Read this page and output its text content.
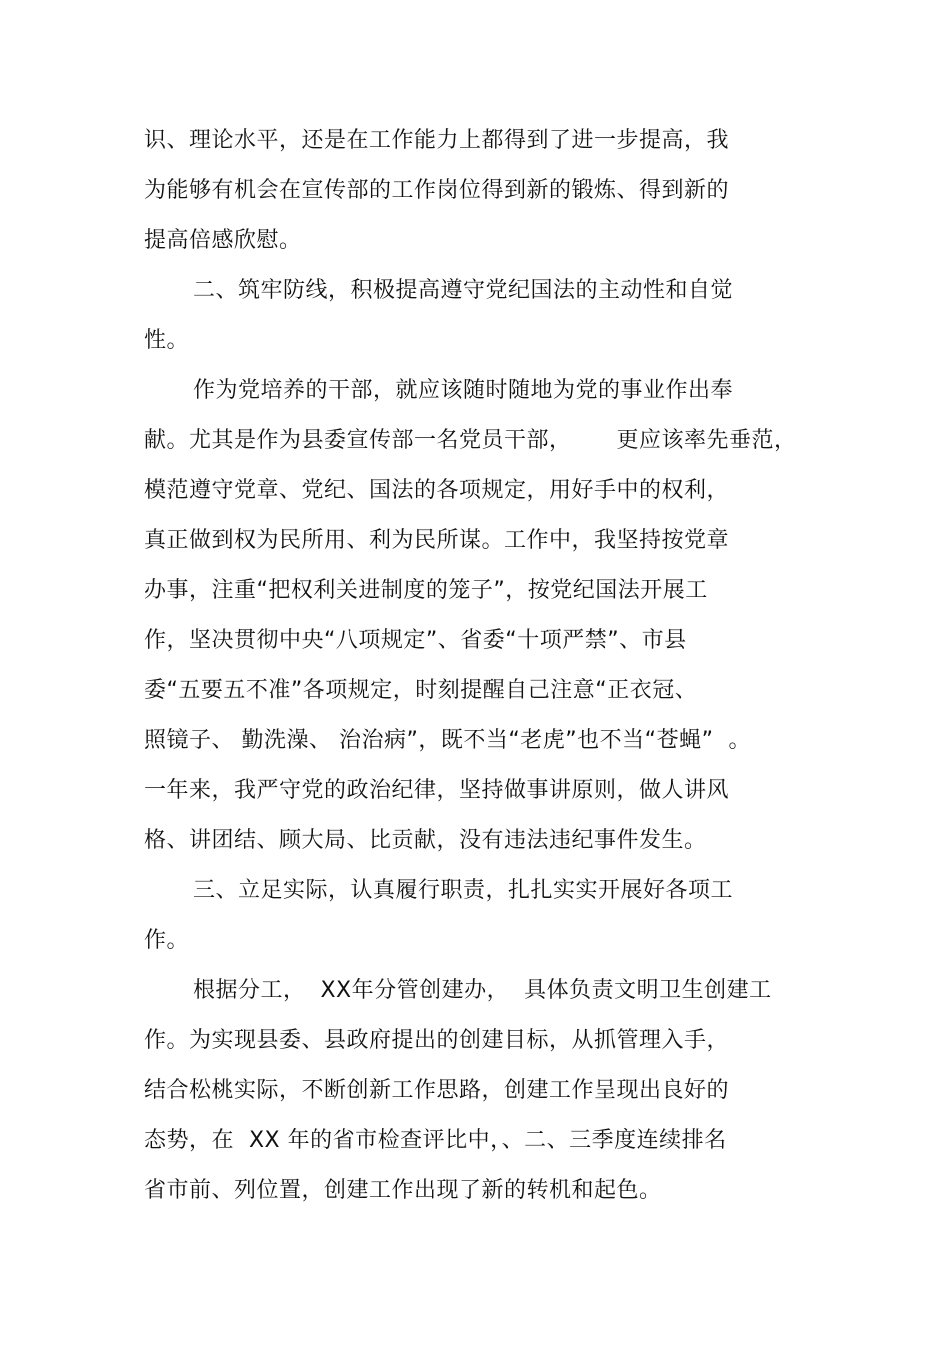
识、理论水平，还是在工作能力上都得到了进一步提高，我
为能够有机会在宣传部的工作岗位得到新的锻炼、得到新的
提高倍感欣慰。
二、筑牢防线，积极提高遵守党纪国法的主动性和自觉
性。
作为党培养的干部，就应该随时随地为党的事业作出奉
献。尤其是作为县委宣传部一名党员干部，      更应该率先垂范，
模范遵守党章、党纪、国法的各项规定，用好手中的权利，
真正做到权为民所用、利为民所谋。工作中，我坚持按党章
办事，注重“把权利关进制度的笼子”，按党纪国法开展工
作，坚决贯彻中央“八项规定”、省委“十项严禁”、市县
委“五要五不准”各项规定，时刻提醒自己注意“正衣冠、
照镜子、 勤洗澡、 治治病”，既不当“老虎”也不当“苍蝇”  。
一年来，我严守党的政治纪律，坚持做事讲原则，做人讲风
格、讲团结、顾大局、比贡献，没有违法违纪事件发生。
三、立足实际，认真履行职责，扎扎实实开展好各项工
作。
根据分工，  XX年分管创建办，  具体负责文明卫生创建工
作。为实现县委、县政府提出的创建目标，从抓管理入手，
结合松桃实际，不断创新工作思路，创建工作呈现出良好的
态势，在  XX 年的省市检查评比中，、二、三季度连续排名
省市前、列位置，创建工作出现了新的转机和起色。
